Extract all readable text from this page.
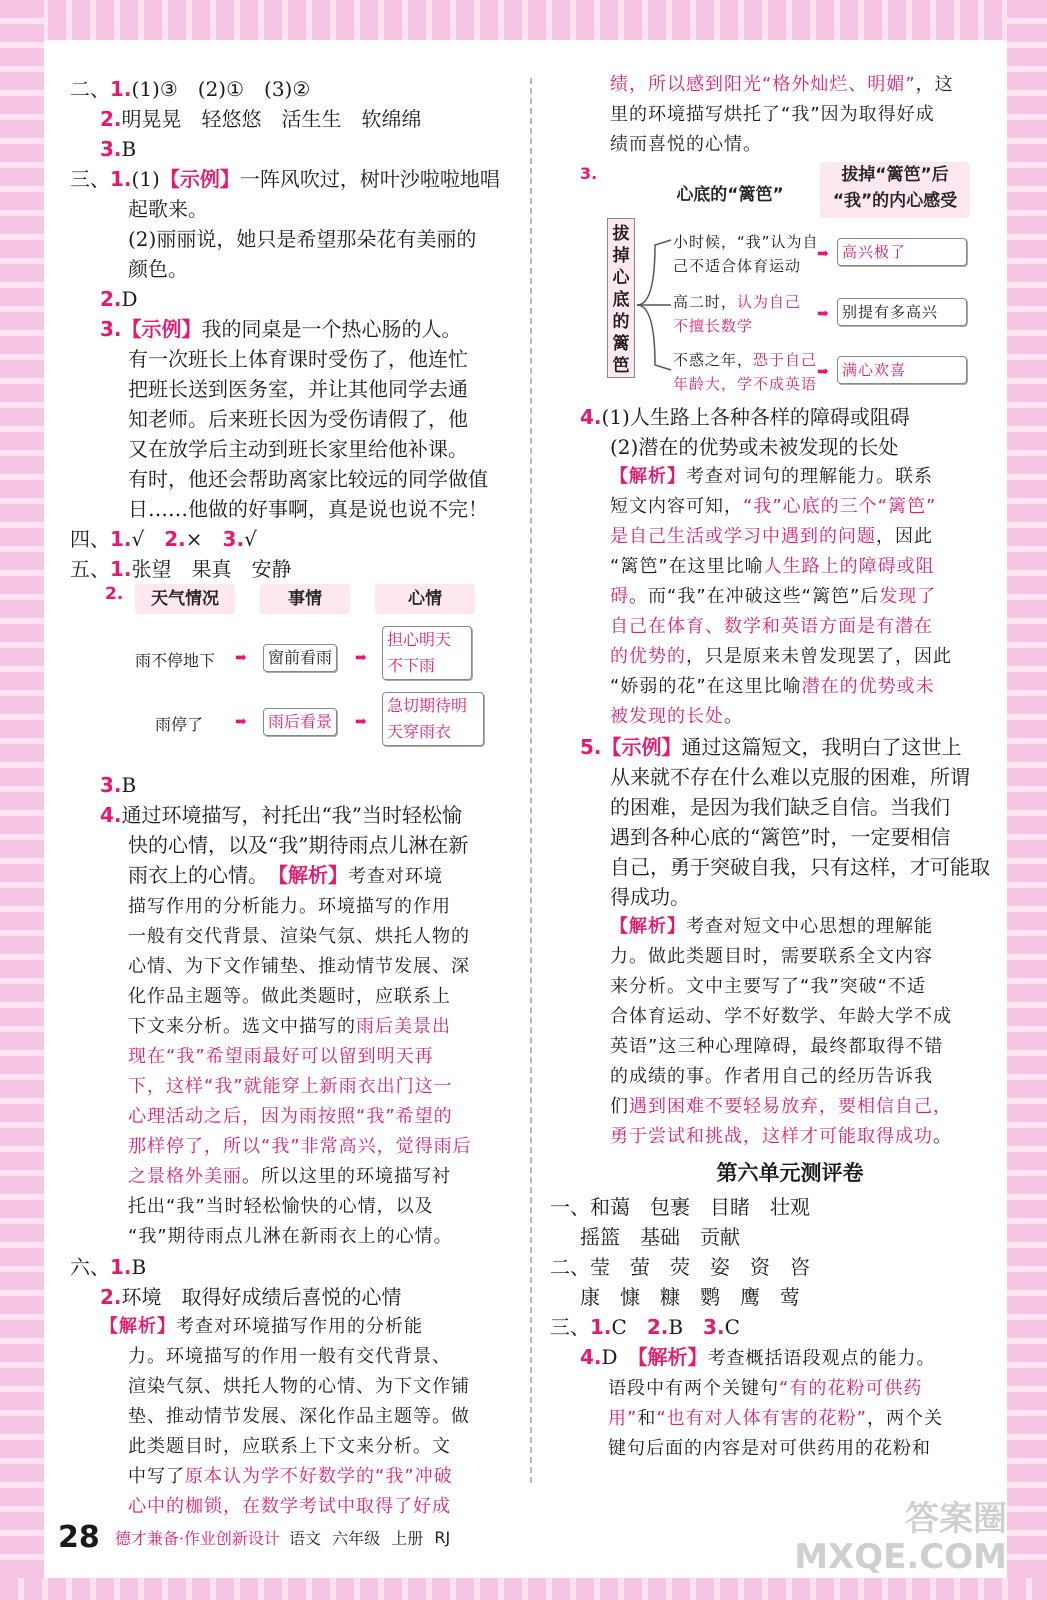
二、1.(1)③　(2)①　(3)②
2.明晃晃　轻悠悠　活生生　软绵绵
3.B
三、1.(1)【示例】一阵风吹过，树叶沙啦啦地唱
起歌来。
(2)丽丽说，她只是希望那朵花有美丽的
颜色。
2.D
3.【示例】我的同桌是一个热心肠的人。
有一次班长上体育课时受伤了，他连忙
把班长送到医务室，并让其他同学去通
知老师。后来班长因为受伤请假了，他
又在放学后主动到班长家里给他补课。
有时，他还会帮助离家比较远的同学做值
日……他做的好事啊，真是说也说不完！
四、1.√　2.×　3.√
五、1.张望　果真　安静
2.	天气情况	事情	心情
雨不停地下 ➡	窗前看雨	➡
担心明天
不下雨
雨停了 ➡	雨后看景	➡
急切期待明
天穿雨衣
3.B
4.通过环境描写，衬托出“我”当时轻松愉
快的心情，以及“我”期待雨点儿淋在新
雨衣上的心情。　【解析】考查对环境
描写作用的分析能力。环境描写的作用
一般有交代背景、渲染气氛、烘托人物的
心情、为下文作铺垫、推动情节发展、深
化作品主题等。做此类题时，应联系上
下文来分析。选文中描写的雨后美景出
现在“我”希望雨最好可以留到明天再
下，这样“我”就能穿上新雨衣出门这一
心理活动之后，因为雨按照“我”希望的
那样停了，所以“我”非常高兴，觉得雨后
之景格外美丽。所以这里的环境描写衬
托出“我”当时轻松愉快的心情，以及
“我”期待雨点儿淋在新雨衣上的心情。
六、1.B
2.环境　取得好成绩后喜悦的心情
【解析】考查对环境描写作用的分析能
力。环境描写的作用一般有交代背景、
渲染气氛、烘托人物的心情、为下文作铺
垫、推动情节发展、深化作品主题等。做
此类题目时，应联系上下文来分析。文
中写了原本认为学不好数学的“我”冲破
心中的枷锁，在数学考试中取得了好成
绩，所以感到阳光“格外灿烂、明媚”，这
里的环境描写烘托了“我”因为取得好成
绩而喜悦的心情。
3.
心底的“篱笆”
拔掉“篱笆”后
“我”的内心感受
拔掉心底的篱笆
小时候，“我”认为自
己不适合体育运动
➡ 高兴极了
高二时，认为自己
不擅长数学
➡ 别提有多高兴
不惑之年，恐于自己
年龄大，学不成英语
➡ 满心欢喜
4.(1)人生路上各种各样的障碍或阻碍
(2)潜在的优势或未被发现的长处
【解析】考查对词句的理解能力。联系
短文内容可知，“我”心底的三个“篱笆”
是自己生活或学习中遇到的问题，因此
“篱笆”在这里比喻人生路上的障碍或阻
碍。而“我”在冲破这些“篱笆”后发现了
自己在体育、数学和英语方面是有潜在
的优势的，只是原来未曾发现罢了，因此
“娇弱的花”在这里比喻潜在的优势或未
被发现的长处。
5.【示例】通过这篇短文，我明白了这世上
从来就不存在什么难以克服的困难，所谓
的困难，是因为我们缺乏自信。当我们
遇到各种心底的“篱笆”时，一定要相信
自己，勇于突破自我，只有这样，才可能取
得成功。
【解析】考查对短文中心思想的理解能
力。做此类题目时，需要联系全文内容
来分析。文中主要写了“我”突破“不适
合体育运动、学不好数学、年龄大学不成
英语”这三种心理障碍，最终都取得不错
的成绩的事。作者用自己的经历告诉我
们遇到困难不要轻易放弃，要相信自己，
勇于尝试和挑战，这样才可能取得成功。
第六单元测评卷
一、和蔼　包裹　目睹　壮观
摇篮　基础　贡献
二、莹　萤　荧　姿　资　咨
康　慷　糠　鹦　鹰　莺
三、1.C　2.B　3.C
4.D　【解析】考查概括语段观点的能力。
语段中有两个关键句“有的花粉可供药
用”和“也有对人体有害的花粉”，两个关
键句后面的内容是对可供药用的花粉和
28 德才兼备·作业创新设计 语文 六年级 上册 RJ	答案圈
MXQE.COM
